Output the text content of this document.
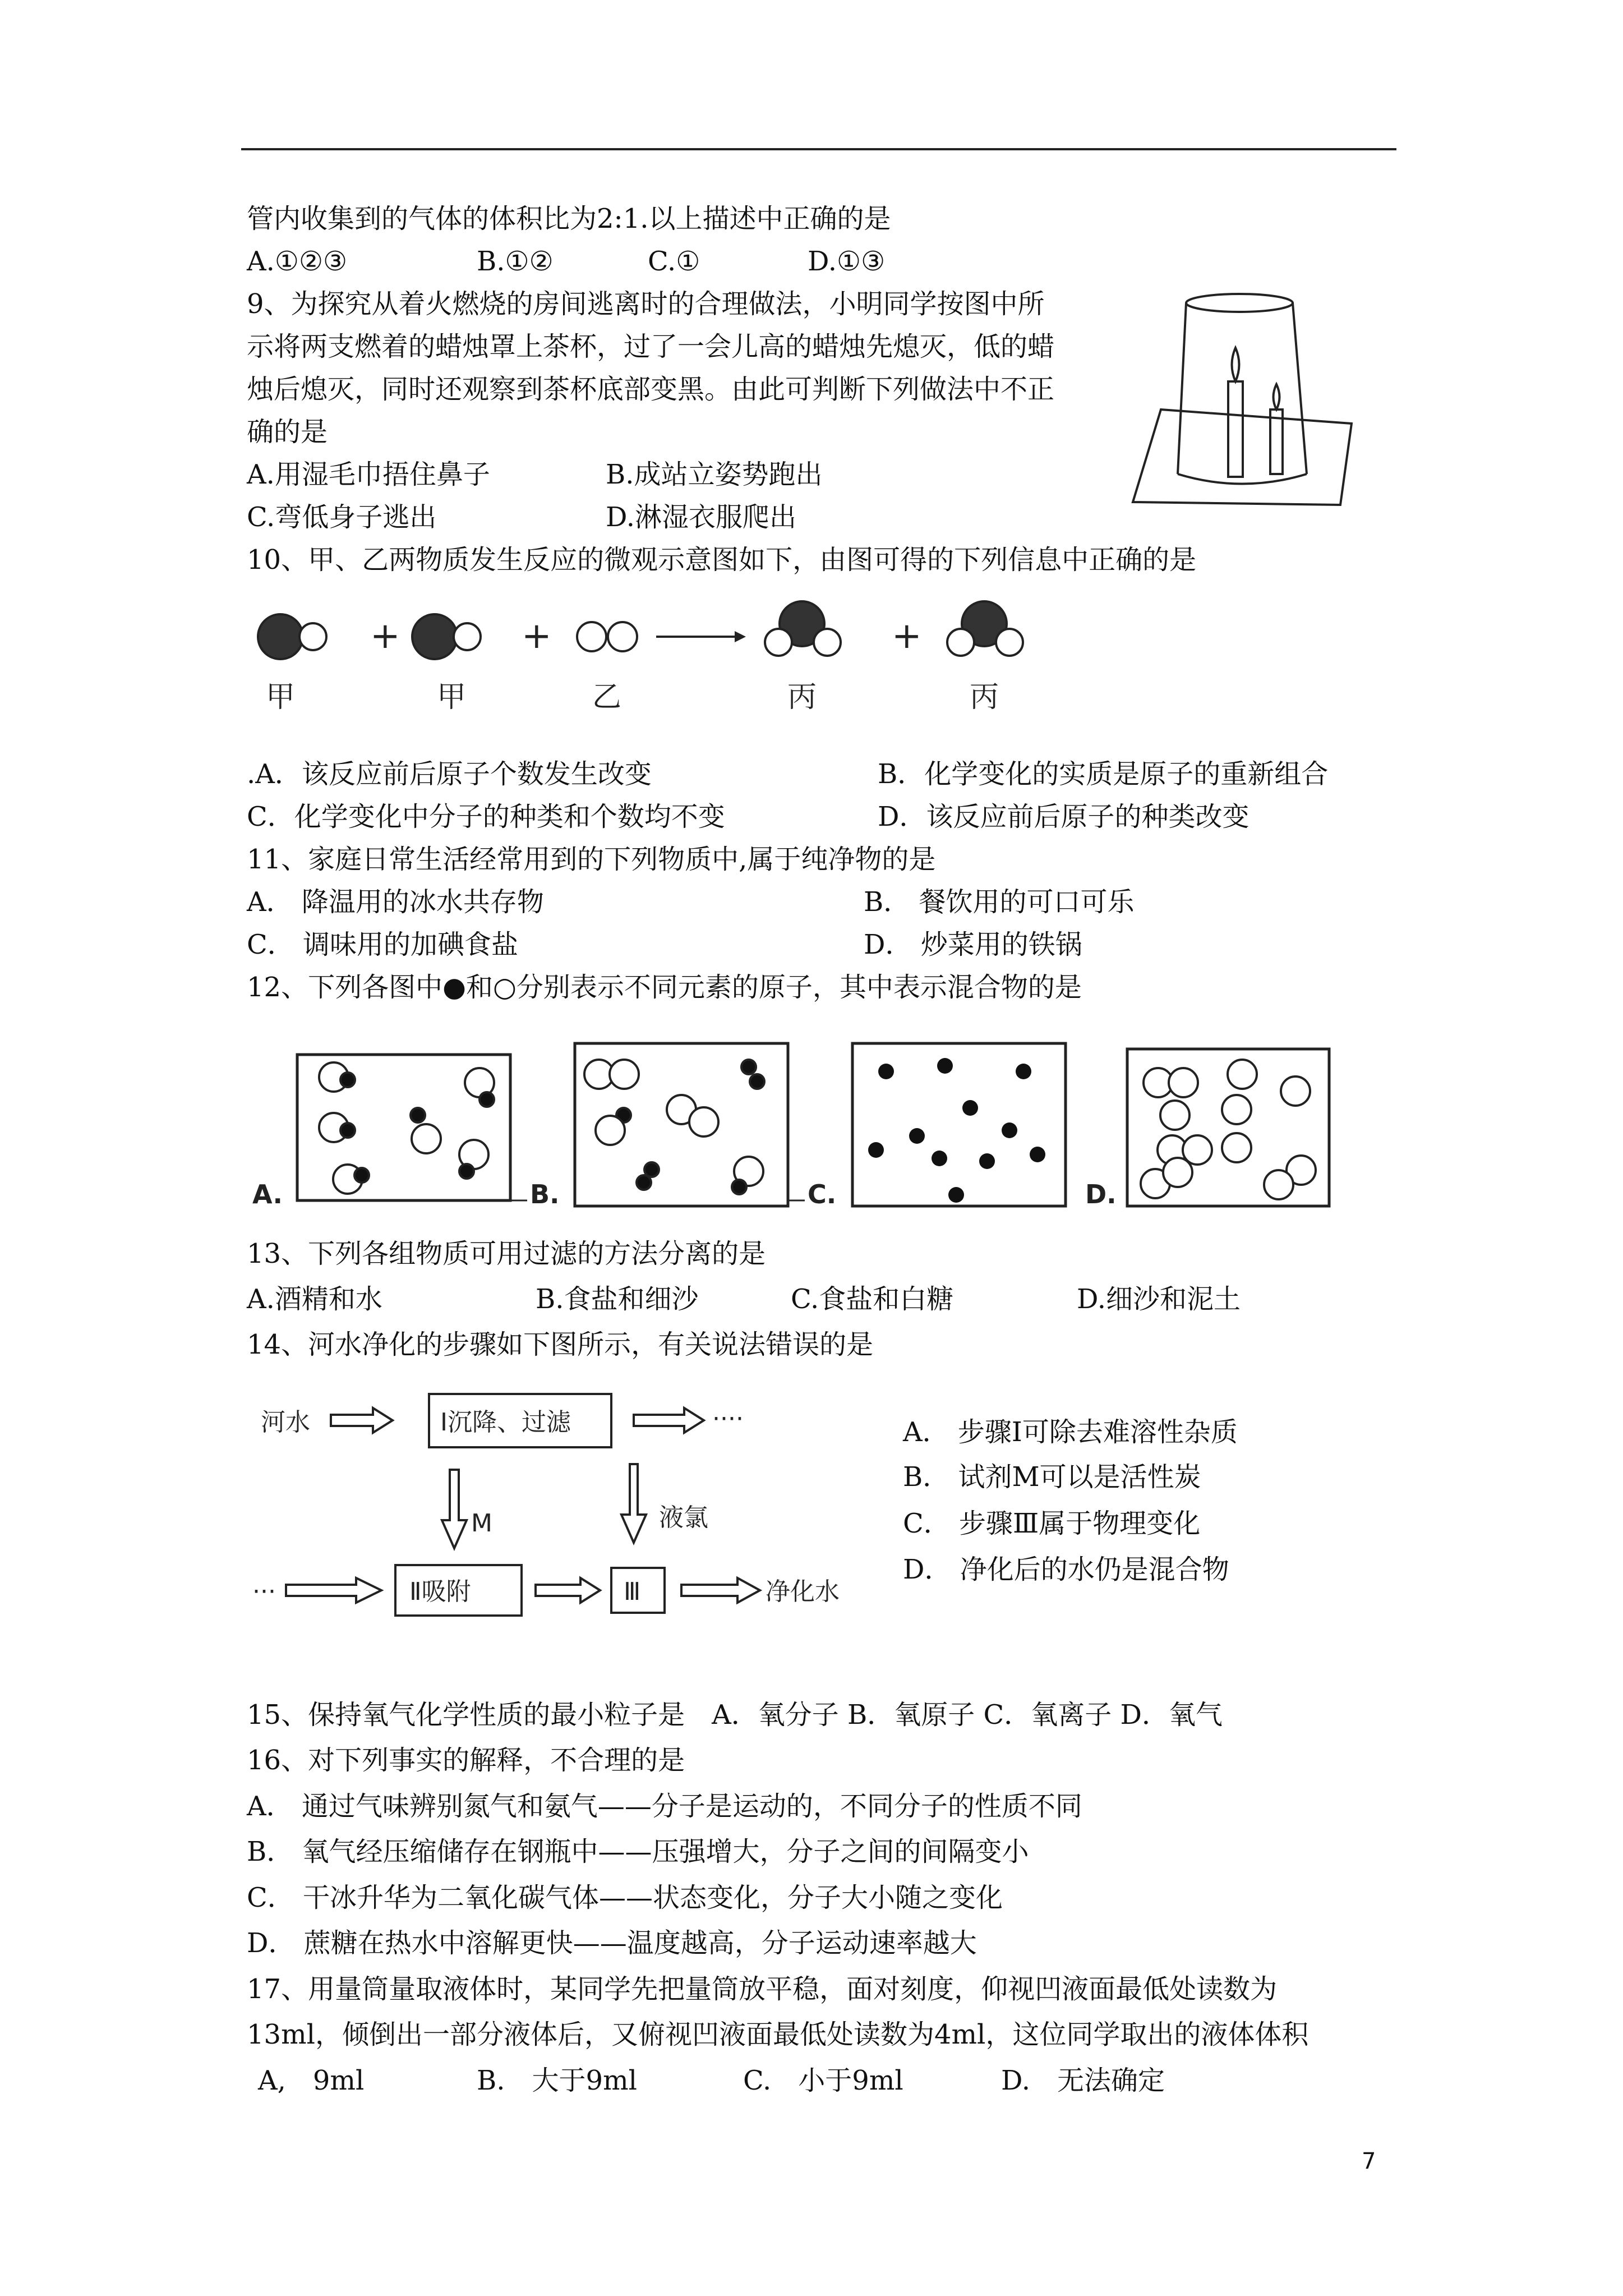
管内收集到的气体的体积比为2:1.以上描述中正确的是
A.①②③	B.①②	C.①	D.①③
9、为探究从着火燃烧的房间逃离时的合理做法，小明同学按图中所
示将两支燃着的蜡烛罩上茶杯，过了一会儿高的蜡烛先熄灭，低的蜡
烛后熄灭，同时还观察到茶杯底部变黑。由此可判断下列做法中不正
确的是
A.用湿毛巾捂住鼻子	B.成站立姿势跑出
C.弯低身子逃出	D.淋湿衣服爬出
10、甲、乙两物质发生反应的微观示意图如下，由图可得的下列信息中正确的是
+	+	+
甲	甲	乙	丙	丙
.A．该反应前后原子个数发生改变	B．化学变化的实质是原子的重新组合
C．化学变化中分子的种类和个数均不变	D．该反应前后原子的种类改变
11、家庭日常生活经常用到的下列物质中,属于纯净物的是
A． 降温用的冰水共存物	B． 餐饮用的可口可乐
C． 调味用的加碘食盐	D． 炒菜用的铁锅
12、下列各图中●和○分别表示不同元素的原子，其中表示混合物的是
A.	B.	C.	D.
13、下列各组物质可用过滤的方法分离的是
A.酒精和水	B.食盐和细沙	C.食盐和白糖	D.细沙和泥土
14、河水净化的步骤如下图所示，有关说法错误的是
河水	Ⅰ沉降、过滤	····
M	液氯
···	Ⅱ吸附	Ⅲ	净化水
A． 步骤Ⅰ可除去难溶性杂质
B． 试剂M可以是活性炭
C． 步骤Ⅲ属于物理变化
D． 净化后的水仍是混合物
15、保持氧气化学性质的最小粒子是　A．氧分子 B．氧原子 C．氧离子 D．氧气
16、对下列事实的解释，不合理的是
A． 通过气味辨别氮气和氨气——分子是运动的，不同分子的性质不同
B． 氧气经压缩储存在钢瓶中——压强增大，分子之间的间隔变小
C． 干冰升华为二氧化碳气体——状态变化，分子大小随之变化
D． 蔗糖在热水中溶解更快——温度越高，分子运动速率越大
17、用量筒量取液体时，某同学先把量筒放平稳，面对刻度，仰视凹液面最低处读数为
13ml，倾倒出一部分液体后，又俯视凹液面最低处读数为4ml，这位同学取出的液体体积
A,　9ml	B.　大于9ml	C.　小于9ml	D.　无法确定
7
